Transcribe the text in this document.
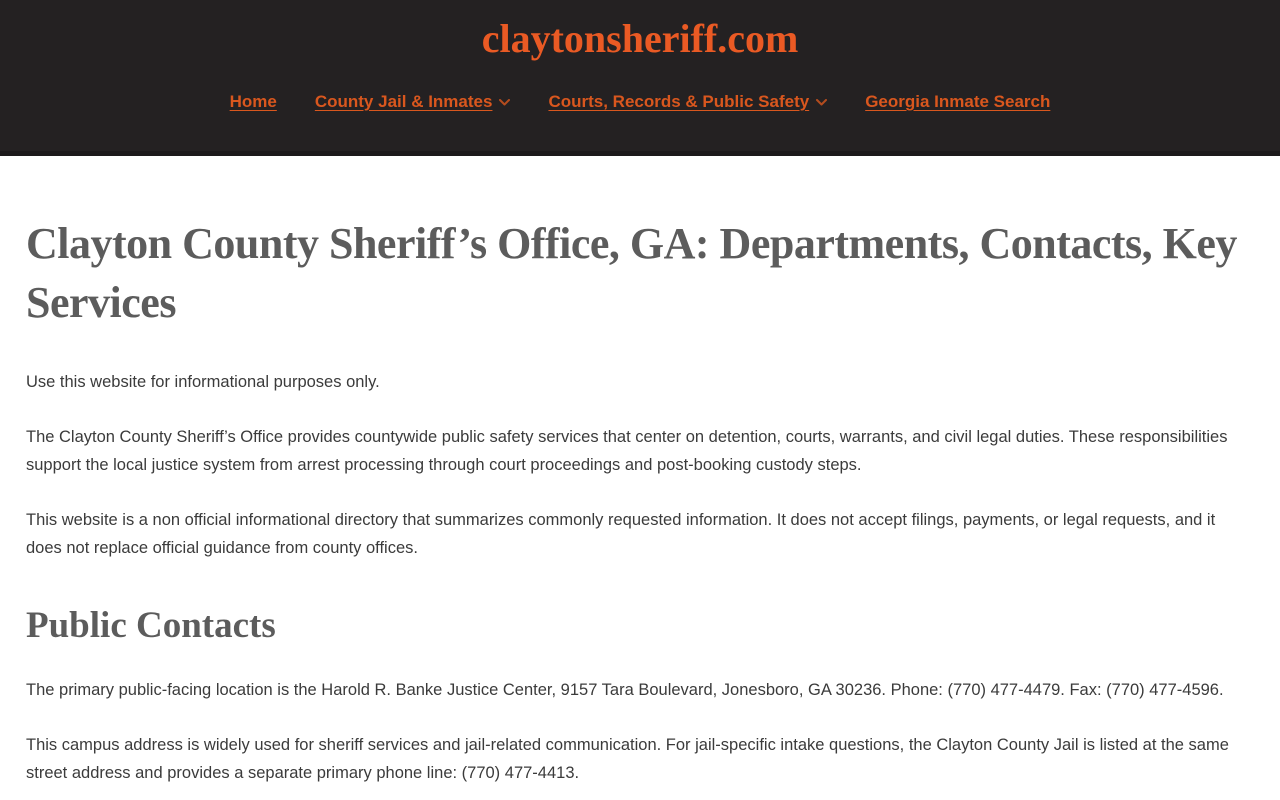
claytonsheriff.com
Home County Jail & Inmates	Courts, Records & Public Safety	Georgia Inmate Search
Clayton County Sheriff’s Office, GA: Departments, Contacts, Key Services

Use this website for informational purposes only.

The Clayton County Sheriff’s Office provides countywide public safety services that center on detention, courts, warrants, and civil legal duties. These responsibilities support the local justice system from arrest processing through court proceedings and post-booking custody steps.

This website is a non official informational directory that summarizes commonly requested information. It does not accept filings, payments, or legal requests, and it does not replace official guidance from county offices.

Public Contacts

The primary public-facing location is the Harold R. Banke Justice Center, 9157 Tara Boulevard, Jonesboro, GA 30236. Phone: (770) 477-4479. Fax: (770) 477-4596.

This campus address is widely used for sheriff services and jail-related communication. For jail-specific intake questions, the Clayton County Jail is listed at the same street address and provides a separate primary phone line: (770) 477-4413.
